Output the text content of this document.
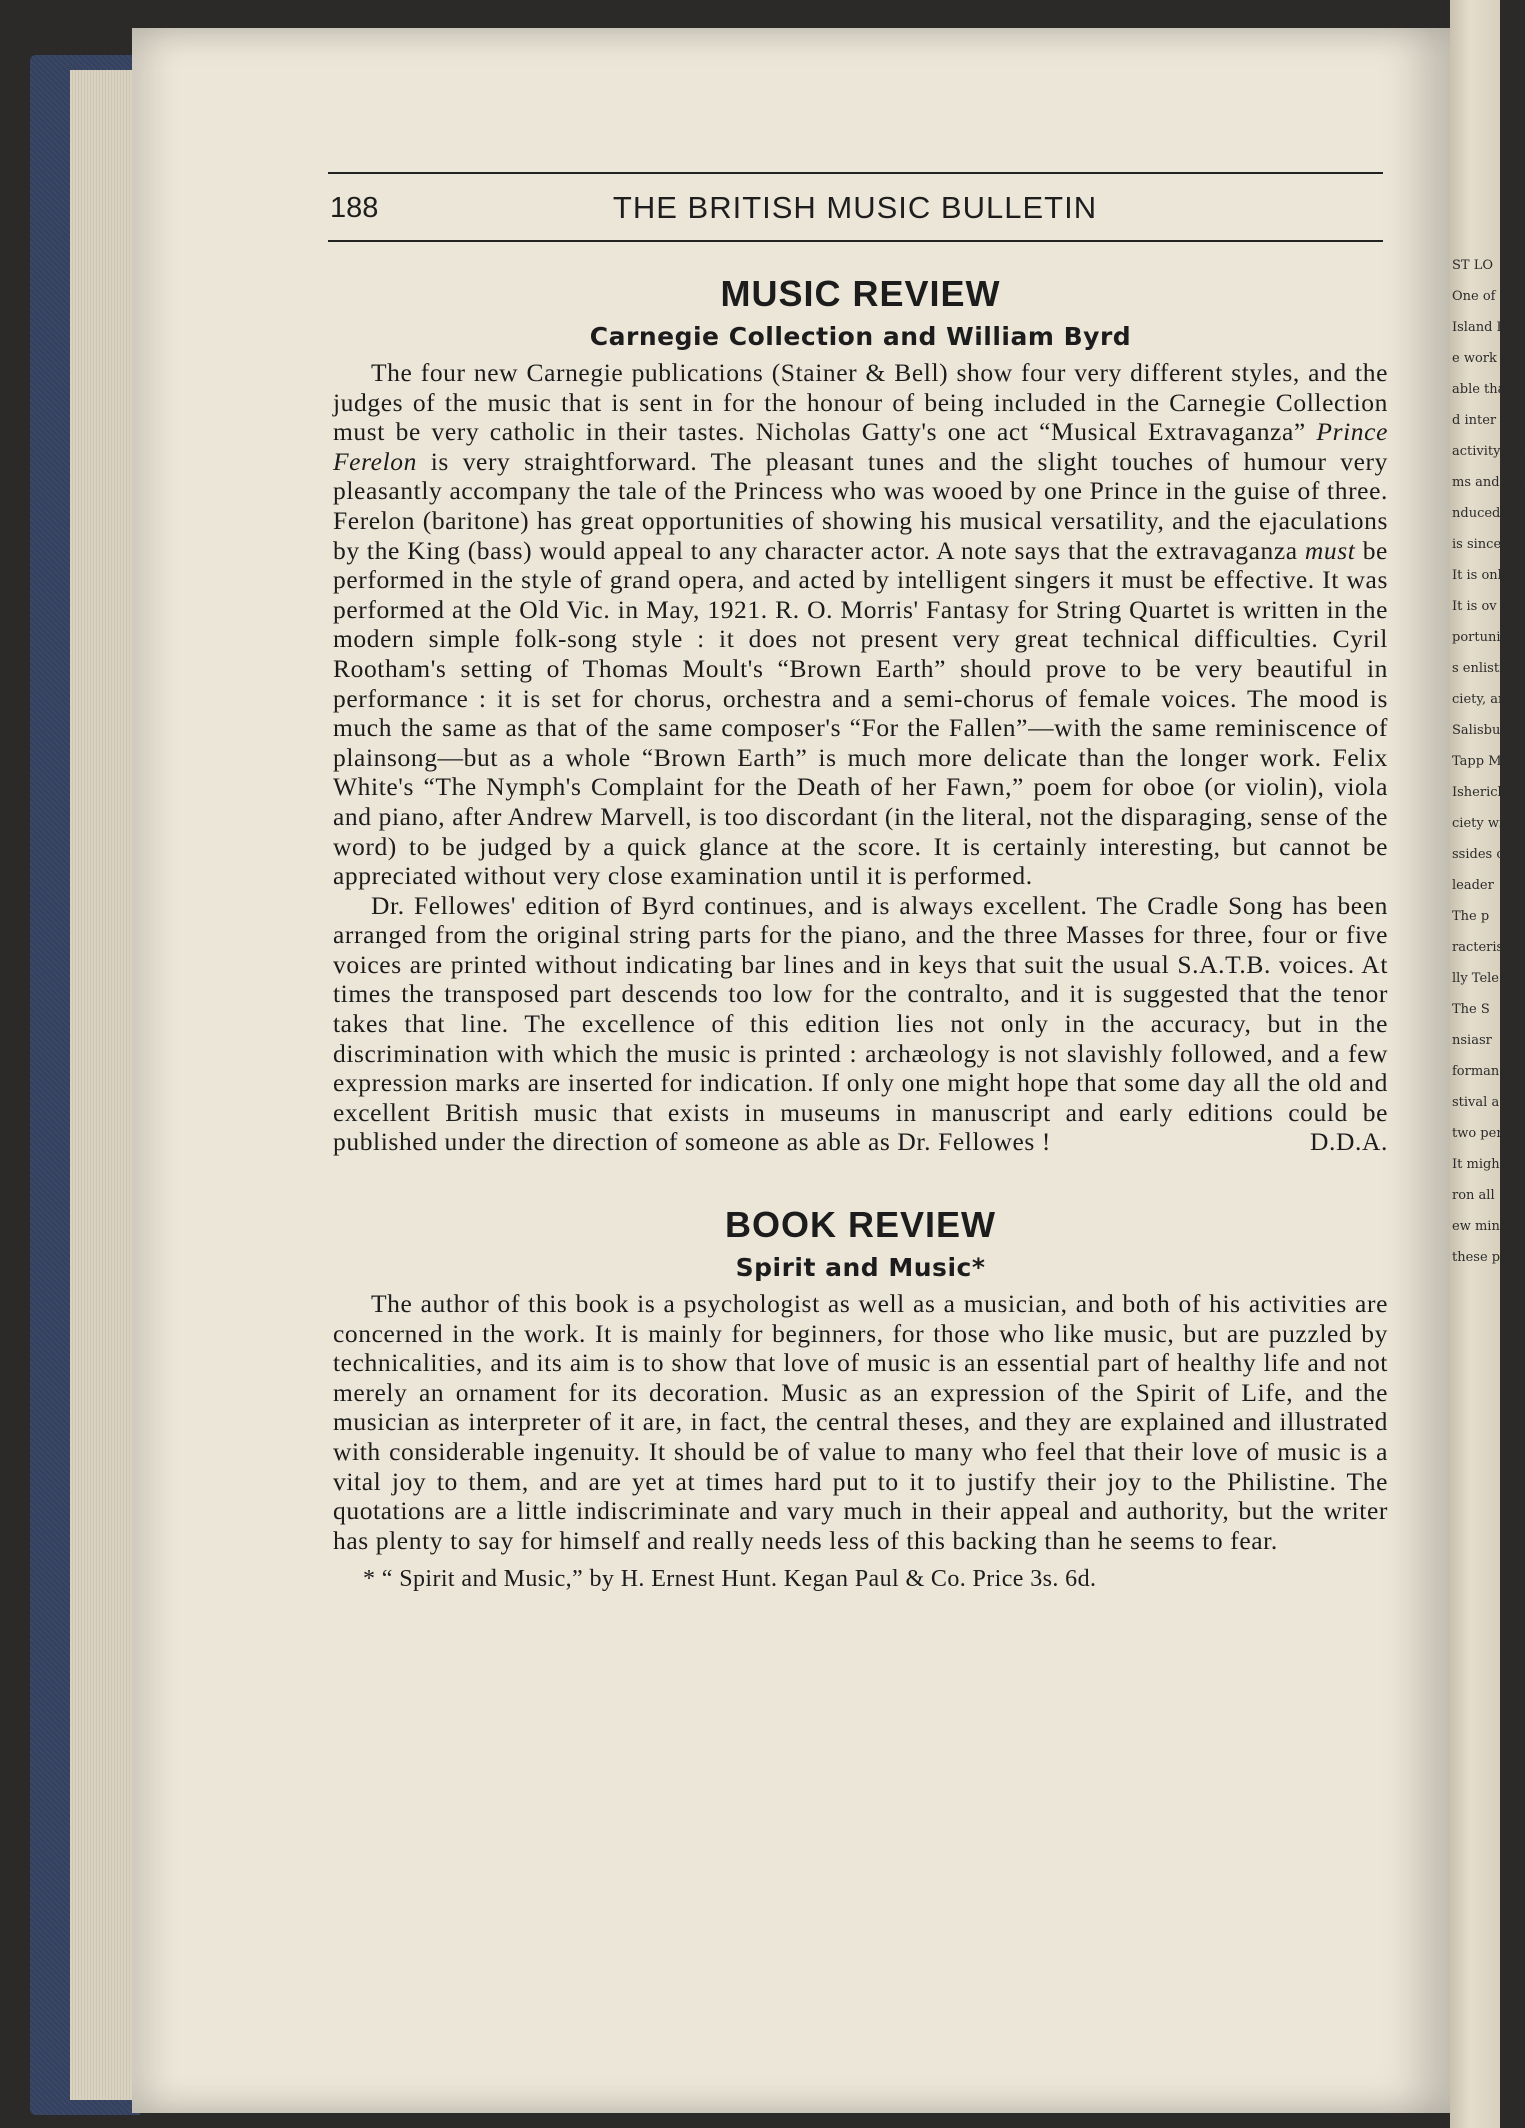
ST LO
One of
Island B
e work l
able that
d inter
activity pla
ms and wo
nduced in
is since be
It is only
It is ov
portunity
s enlisti
ciety, an
Salisbury
Tapp Mar
Isherick
ciety wi
ssides or
leader
The p
racteris
lly Tele
The S
nsiasr
formanc
stival a
two per
It migh
ron all
ew mino
these per
188	THE BRITISH MUSIC BULLETIN
MUSIC REVIEW
Carnegie Collection and William Byrd

The four new Carnegie publications (Stainer & Bell) show four very different styles, and the judges of the music that is sent in for the honour of being included in the Carnegie Collection must be very catholic in their tastes. Nicholas Gatty's one act “Musical Extravaganza” Prince Ferelon is very straightforward. The pleasant tunes and the slight touches of humour very pleasantly accompany the tale of the Princess who was wooed by one Prince in the guise of three. Ferelon (baritone) has great opportunities of showing his musical versatility, and the ejaculations by the King (bass) would appeal to any character actor. A note says that the extravaganza must be performed in the style of grand opera, and acted by intelligent singers it must be effective. It was performed at the Old Vic. in May, 1921. R. O. Morris' Fantasy for String Quartet is written in the modern simple folk-song style : it does not present very great technical difficulties. Cyril Rootham's setting of Thomas Moult's “Brown Earth” should prove to be very beautiful in performance : it is set for chorus, orchestra and a semi-chorus of female voices. The mood is much the same as that of the same composer's “For the Fallen”—with the same reminiscence of plainsong—but as a whole “Brown Earth” is much more delicate than the longer work. Felix White's “The Nymph's Complaint for the Death of her Fawn,” poem for oboe (or violin), viola and piano, after Andrew Marvell, is too discordant (in the literal, not the disparaging, sense of the word) to be judged by a quick glance at the score. It is certainly interesting, but cannot be appreciated without very close examination until it is performed.

Dr. Fellowes' edition of Byrd continues, and is always excellent. The Cradle Song has been arranged from the original string parts for the piano, and the three Masses for three, four or five voices are printed without indicating bar lines and in keys that suit the usual S.A.T.B. voices. At times the transposed part descends too low for the contralto, and it is suggested that the tenor takes that line. The excellence of this edition lies not only in the accuracy, but in the discrimination with which the music is printed : archæology is not slavishly followed, and a few expression marks are inserted for indication. If only one might hope that some day all the old and excellent British music that exists in museums in manuscript and early editions could be published under the direction of someone as able as Dr. Fellowes !	D.D.A.

BOOK REVIEW
Spirit and Music*

The author of this book is a psychologist as well as a musician, and both of his activities are concerned in the work. It is mainly for beginners, for those who like music, but are puzzled by technicalities, and its aim is to show that love of music is an essential part of healthy life and not merely an ornament for its decoration. Music as an expression of the Spirit of Life, and the musician as interpreter of it are, in fact, the central theses, and they are explained and illustrated with considerable ingenuity. It should be of value to many who feel that their love of music is a vital joy to them, and are yet at times hard put to it to justify their joy to the Philistine. The quotations are a little indiscriminate and vary much in their appeal and authority, but the writer has plenty to say for himself and really needs less of this backing than he seems to fear.

* “ Spirit and Music,” by H. Ernest Hunt. Kegan Paul & Co. Price 3s. 6d.
